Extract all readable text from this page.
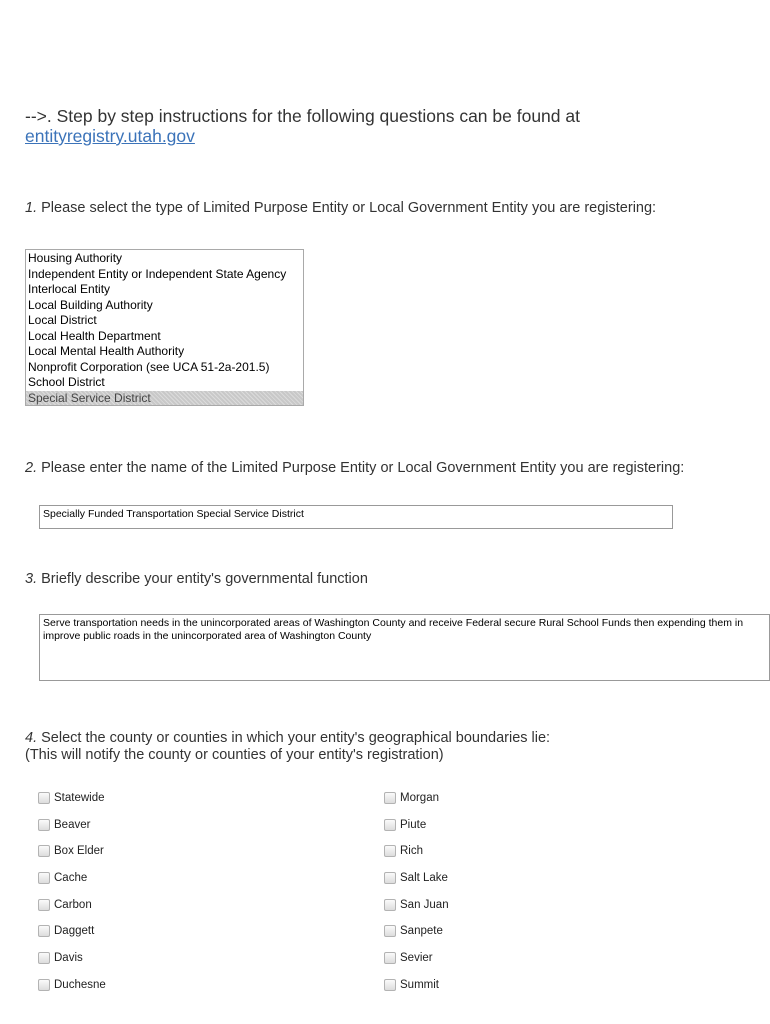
-->. Step by step instructions for the following questions can be found at
entityregistry.utah.gov
1. Please select the type of Limited Purpose Entity or Local Government Entity you are registering:
Housing Authority
Independent Entity or Independent State Agency
Interlocal Entity
Local Building Authority
Local District
Local Health Department
Local Mental Health Authority
Nonprofit Corporation (see UCA 51-2a-201.5)
School District
Special Service District
2. Please enter the name of the Limited Purpose Entity or Local Government Entity you are registering:
Specially Funded Transportation Special Service District
3. Briefly describe your entity's governmental function
Serve transportation needs in the unincorporated areas of Washington County and receive Federal secure Rural School Funds then expending them in improve public roads in the unincorporated area of Washington County
4. Select the county or counties in which your entity's geographical boundaries lie:
(This will notify the county or counties of your entity's registration)
Statewide
Beaver
Box Elder
Cache
Carbon
Daggett
Davis
Duchesne
Morgan
Piute
Rich
Salt Lake
San Juan
Sanpete
Sevier
Summit
